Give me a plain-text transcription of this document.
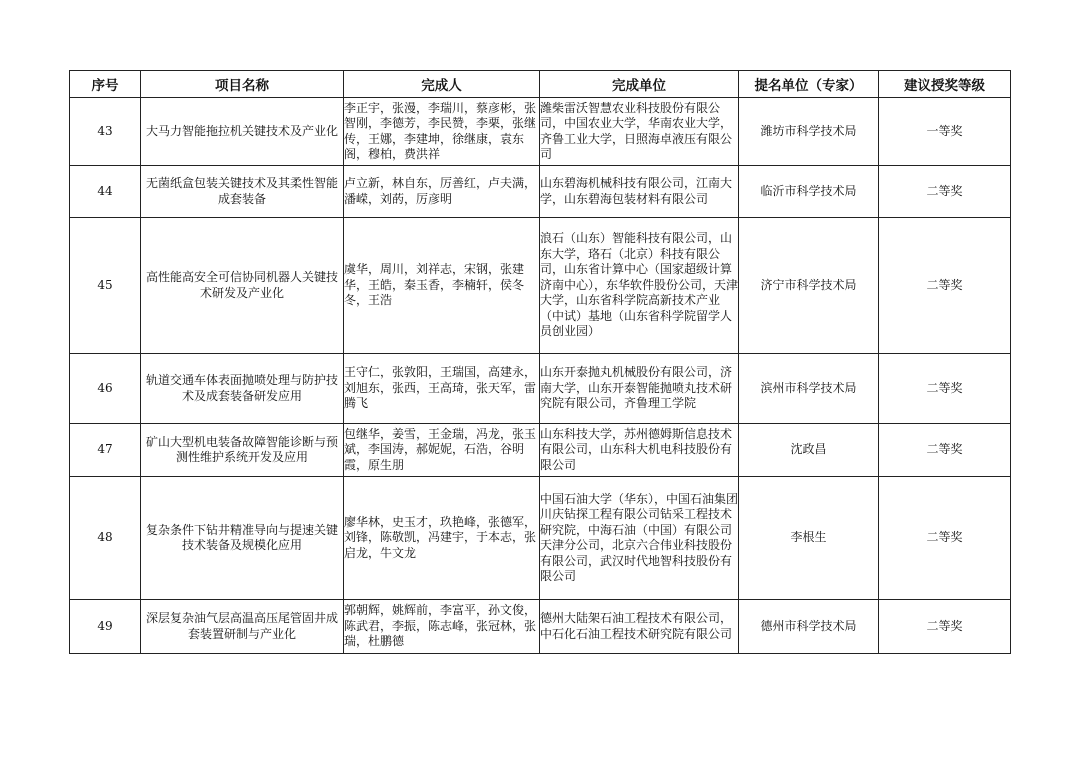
序号	项目名称	完成人	完成单位	提名单位（专家）	建议授奖等级
43	大马力智能拖拉机关键技术及产业化	李正宇，张漫，李瑞川，蔡彦彬，张智刚，李德芳，李民赞，李栗，张继传，王娜，李建坤，徐继康，袁东阁，穆柏，费洪祥	潍柴雷沃智慧农业科技股份有限公司，中国农业大学，华南农业大学，齐鲁工业大学，日照海卓液压有限公司	潍坊市科学技术局	一等奖
44	无菌纸盒包装关键技术及其柔性智能成套装备	卢立新，林自东，厉善红，卢夫满，潘嵘，刘菂，厉彦明	山东碧海机械科技有限公司，江南大学，山东碧海包装材料有限公司	临沂市科学技术局	二等奖
45	高性能高安全可信协同机器人关键技术研发及产业化	虞华，周川，刘祥志，宋钢，张建华，王皓，秦玉香，李楠轩，侯冬冬，王浩	浪石（山东）智能科技有限公司，山东大学，珞石（北京）科技有限公司，山东省计算中心（国家超级计算济南中心），东华软件股份公司，天津大学，山东省科学院高新技术产业（中试）基地（山东省科学院留学人员创业园）	济宁市科学技术局	二等奖
46	轨道交通车体表面抛喷处理与防护技术及成套装备研发应用	王守仁，张敦阳，王瑞国，高建永，刘旭东，张西，王高琦，张天军，雷腾飞	山东开泰抛丸机械股份有限公司，济南大学，山东开泰智能抛喷丸技术研究院有限公司，齐鲁理工学院	滨州市科学技术局	二等奖
47	矿山大型机电装备故障智能诊断与预测性维护系统开发及应用	包继华，姜雪，王金瑞，冯龙，张玉斌，李国涛，郝妮妮，石浩，谷明霞，原生朋	山东科技大学，苏州德姆斯信息技术有限公司，山东科大机电科技股份有限公司	沈政昌	二等奖
48	复杂条件下钻井精准导向与提速关键技术装备及规模化应用	廖华林，史玉才，玖艳峰，张德军，刘锋，陈敬凯，冯建宇，于本志，张启龙，牛文龙	中国石油大学（华东），中国石油集团川庆钻探工程有限公司钻采工程技术研究院，中海石油（中国）有限公司天津分公司，北京六合伟业科技股份有限公司，武汉时代地智科技股份有限公司	李根生	二等奖
49	深层复杂油气层高温高压尾管固井成套装置研制与产业化	郭朝辉，姚辉前，李富平，孙文俊，陈武君，李振，陈志峰，张冠林，张瑞，杜鹏德	德州大陆架石油工程技术有限公司，中石化石油工程技术研究院有限公司	德州市科学技术局	二等奖
